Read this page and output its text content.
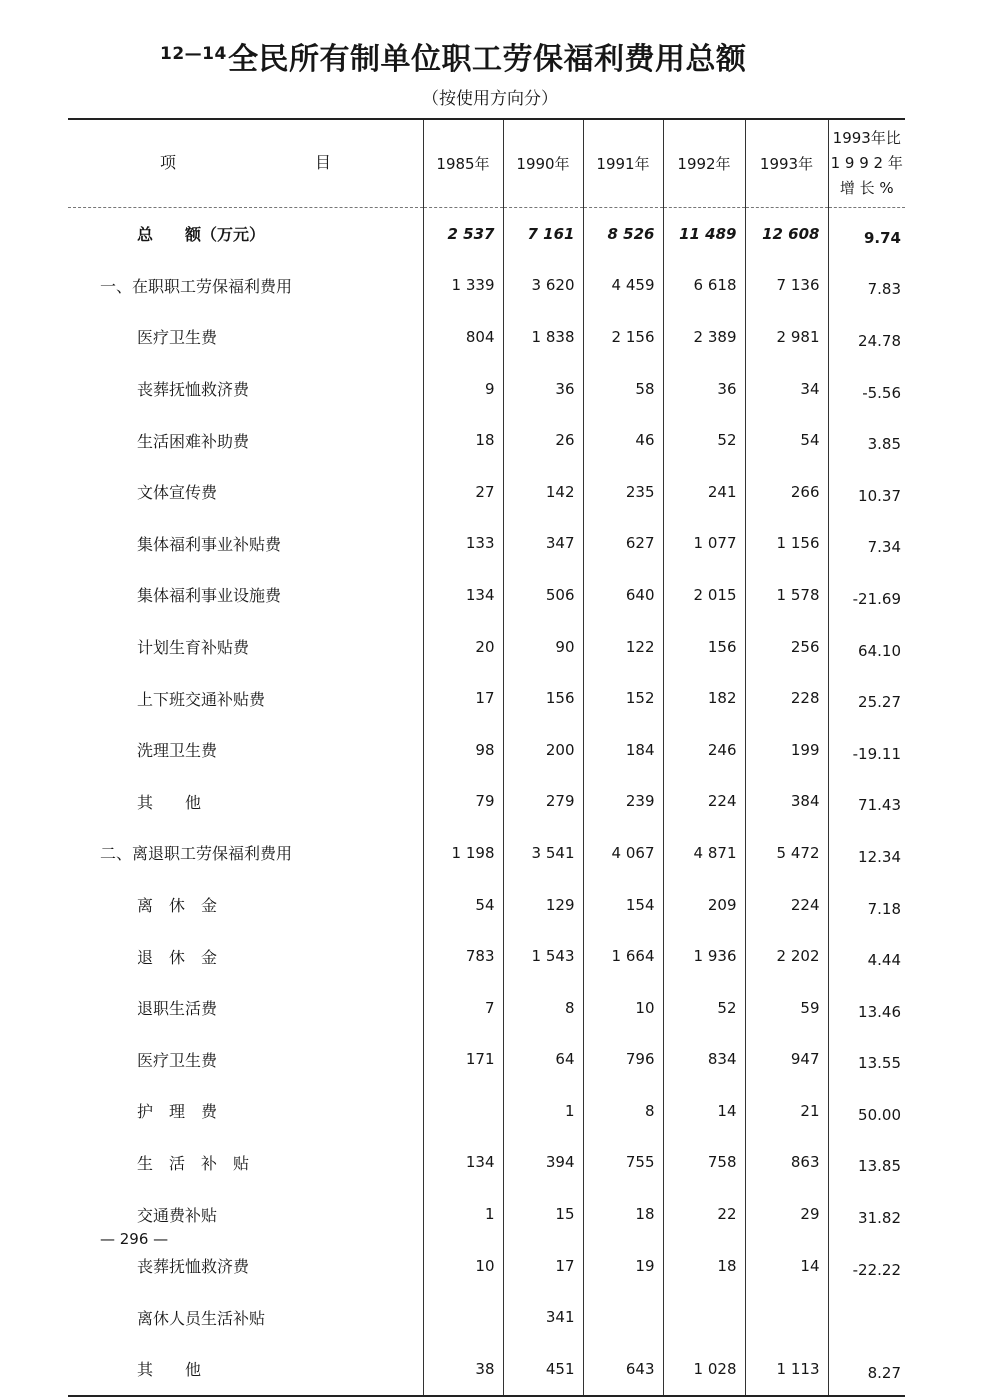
12—14 全民所有制单位职工劳保福利费用总额
（按使用方向分）
项 目	1985年	1990年	1991年	1992年	1993年	1993年比
1 9 9 2 年
增 长 %

总　　额（万元）	2 537	7 161	8 526	11 489	12 608	9.74
一、在职职工劳保福利费用	1 339	3 620	4 459	6 618	7 136	7.83
医疗卫生费	804	1 838	2 156	2 389	2 981	24.78
丧葬抚恤救济费	9	36	58	36	34	-5.56
生活困难补助费	18	26	46	52	54	3.85
文体宣传费	27	142	235	241	266	10.37
集体福利事业补贴费	133	347	627	1 077	1 156	7.34
集体福利事业设施费	134	506	640	2 015	1 578	-21.69
计划生育补贴费	20	90	122	156	256	64.10
上下班交通补贴费	17	156	152	182	228	25.27
洗理卫生费	98	200	184	246	199	-19.11
其　　他	79	279	239	224	384	71.43
二、离退职工劳保福利费用	1 198	3 541	4 067	4 871	5 472	12.34
离　休　金	54	129	154	209	224	7.18
退　休　金	783	1 543	1 664	1 936	2 202	4.44
退职生活费	7	8	10	52	59	13.46
医疗卫生费	171	64	796	834	947	13.55
护　理　费		1	8	14	21	50.00
生　活　补　贴	134	394	755	758	863	13.85
交通费补贴	1	15	18	22	29	31.82
丧葬抚恤救济费	10	17	19	18	14	-22.22
离休人员生活补贴		341				
其　　他	38	451	643	1 028	1 113	8.27
— 296 —
